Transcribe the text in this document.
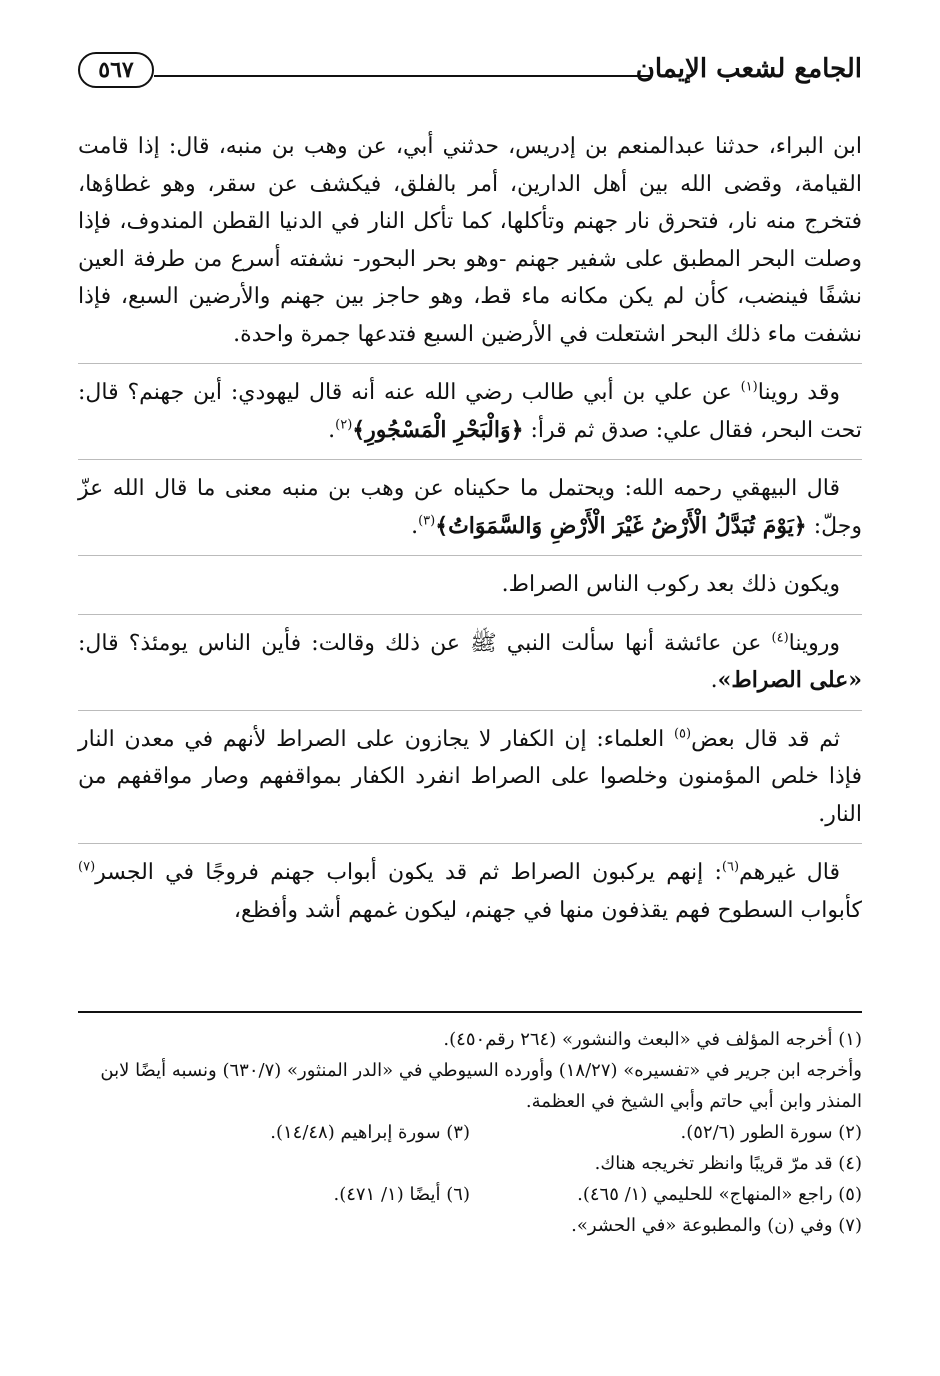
٥٦٧	الجامع لشعب الإيمان

ابن البراء، حدثنا عبدالمنعم بن إدريس، حدثني أبي، عن وهب بن منبه، قال: إذا قامت القيامة، وقضى الله بين أهل الدارين، أمر بالفلق، فيكشف عن سقر، وهو غطاؤها، فتخرج منه نار، فتحرق نار جهنم وتأكلها، كما تأكل النار في الدنيا القطن المندوف، فإذا وصلت البحر المطبق على شفير جهنم -وهو بحر البحور- نشفته أسرع من طرفة العين نشفًا فينضب، كأن لم يكن مكانه ماء قط، وهو حاجز بين جهنم والأرضين السبع، فإذا نشفت ماء ذلك البحر اشتعلت في الأرضين السبع فتدعها جمرة واحدة.

وقد روينا$^{(١)}$ عن علي بن أبي طالب رضي الله عنه أنه قال ليهودي: أين جهنم؟ قال: تحت البحر، فقال علي: صدق ثم قرأ: ﴿وَالْبَحْرِ الْمَسْجُورِ﴾$^{(٢)}$.

قال البيهقي رحمه الله: ويحتمل ما حكيناه عن وهب بن منبه معنى ما قال الله عزّ وجلّ: ﴿يَوْمَ تُبَدَّلُ الْأَرْضُ غَيْرَ الْأَرْضِ وَالسَّمَوَاتُ﴾$^{(٣)}$.

ويكون ذلك بعد ركوب الناس الصراط.

وروينا$^{(٤)}$ عن عائشة أنها سألت النبي ﷺ عن ذلك وقالت: فأين الناس يومئذ؟ قال: «على الصراط».

ثم قد قال بعض$^{(٥)}$ العلماء: إن الكفار لا يجازون على الصراط لأنهم في معدن النار فإذا خلص المؤمنون وخلصوا على الصراط انفرد الكفار بمواقفهم وصار مواقفهم من النار.

قال غيرهم$^{(٦)}$: إنهم يركبون الصراط ثم قد يكون أبواب جهنم فروجًا في الجسر$^{(٧)}$ كأبواب السطوح فهم يقذفون منها في جهنم، ليكون غمهم أشد وأفظع،

(١) أخرجه المؤلف في «البعث والنشور» (٢٦٤ رقم٤٥٠).

وأخرجه ابن جرير في «تفسيره» (١٨/٢٧) وأورده السيوطي في «الدر المنثور» (٦٣٠/٧) ونسبه أيضًا لابن المنذر وابن أبي حاتم وأبي الشيخ في العظمة.

(٢) سورة الطور (٥٢/٦).
(٣) سورة إبراهيم (١٤/٤٨).

(٤) قد مرّ قريبًا وانظر تخريجه هناك.

(٥) راجع «المنهاج» للحليمي (١/ ٤٦٥).
(٦) أيضًا (١/ ٤٧١).

(٧) وفي (ن) والمطبوعة «في الحشر».
